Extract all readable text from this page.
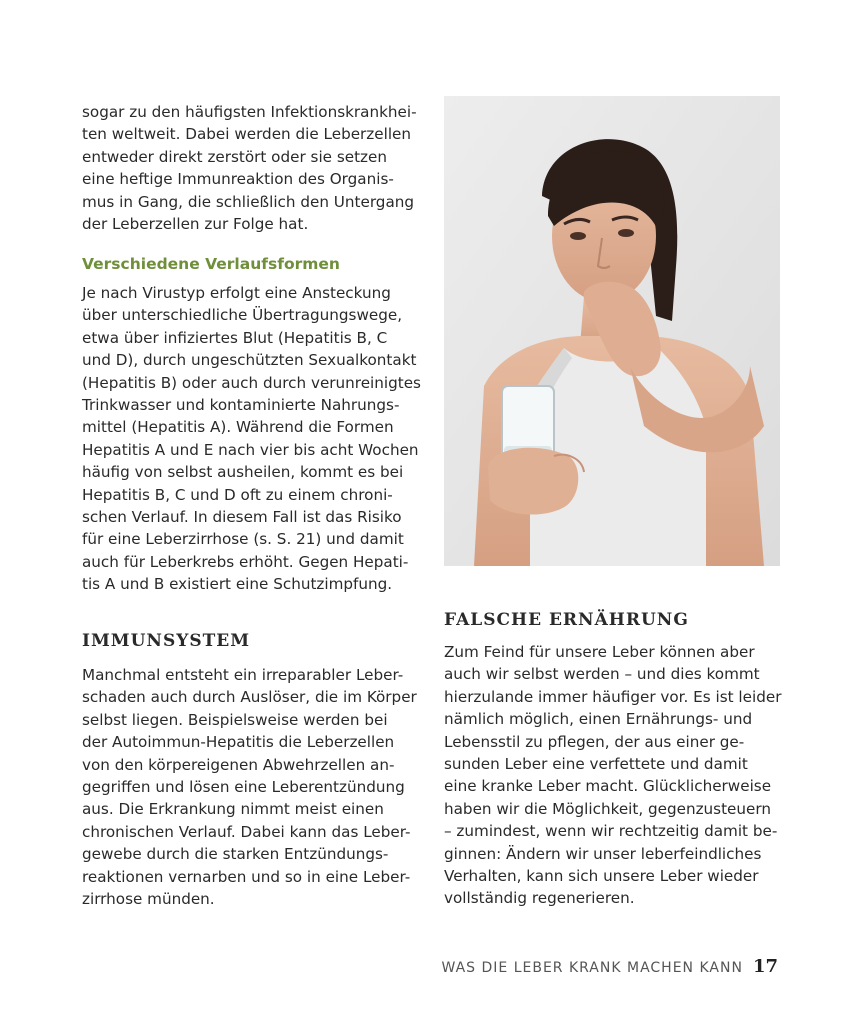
sogar zu den häufigsten Infektionskrankhei-
ten weltweit. Dabei werden die Leberzellen
entweder direkt zerstört oder sie setzen
eine heftige Immunreaktion des Organis-
mus in Gang, die schließlich den Untergang
der Leberzellen zur Folge hat.
Verschiedene Verlaufsformen
Je nach Virustyp erfolgt eine Ansteckung
über unterschiedliche Übertragungswege,
etwa über infiziertes Blut (Hepatitis B, C
und D), durch ungeschützten Sexualkontakt
(Hepatitis B) oder auch durch verunreinigtes
Trinkwasser und kontaminierte Nahrungs-
mittel (Hepatitis A). Während die Formen
Hepatitis A und E nach vier bis acht Wochen
häufig von selbst ausheilen, kommt es bei
Hepatitis B, C und D oft zu einem chroni-
schen Verlauf. In diesem Fall ist das Risiko
für eine Leberzirrhose (s. S. 21) und damit
auch für Leberkrebs erhöht. Gegen Hepati-
tis A und B existiert eine Schutzimpfung.
IMMUNSYSTEM
Manchmal entsteht ein irreparabler Leber-
schaden auch durch Auslöser, die im Körper
selbst liegen. Beispielsweise werden bei
der Autoimmun-Hepatitis die Leberzellen
von den körpereigenen Abwehrzellen an-
gegriffen und lösen eine Leberentzündung
aus. Die Erkrankung nimmt meist einen
chronischen Verlauf. Dabei kann das Leber-
gewebe durch die starken Entzündungs-
reaktionen vernarben und so in eine Leber-
zirrhose münden.
FALSCHE ERNÄHRUNG
Zum Feind für unsere Leber können aber
auch wir selbst werden – und dies kommt
hierzulande immer häufiger vor. Es ist leider
nämlich möglich, einen Ernährungs- und
Lebensstil zu pflegen, der aus einer ge-
sunden Leber eine verfettete und damit
eine kranke Leber macht. Glücklicherweise
haben wir die Möglichkeit, gegenzusteuern
– zumindest, wenn wir rechtzeitig damit be-
ginnen: Ändern wir unser leberfeindliches
Verhalten, kann sich unsere Leber wieder
vollständig regenerieren.
WAS DIE LEBER KRANK MACHEN KANN 17
